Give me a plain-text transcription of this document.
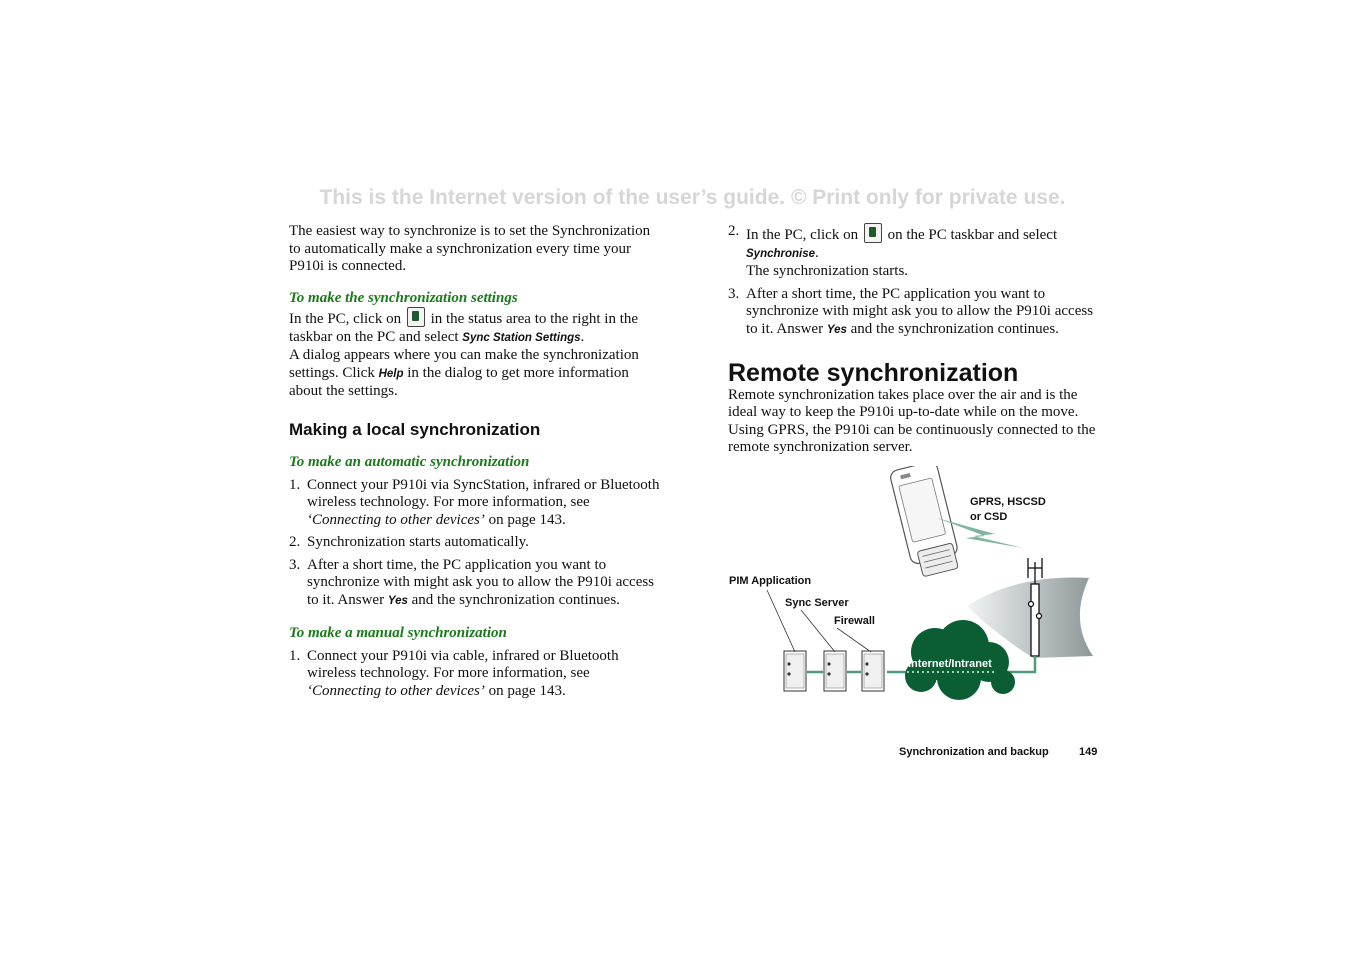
This is the Internet version of the user’s guide. © Print only for private use.

The easiest way to synchronize is to set the Synchronization to automatically make a synchronization every time your P910i is connected.

To make the synchronization settings

In the PC, click on in the status area to the right in the taskbar on the PC and select Sync Station Settings.

A dialog appears where you can make the synchronization settings. Click Help in the dialog to get more information about the settings.

Making a local synchronization

To make an automatic synchronization

1. Connect your P910i via SyncStation, infrared or Bluetooth wireless technology. For more information, see ‘Connecting to other devices’ on page 143.
2. Synchronization starts automatically.
3. After a short time, the PC application you want to synchronize with might ask you to allow the P910i access to it. Answer Yes and the synchronization continues.

To make a manual synchronization

1. Connect your P910i via cable, infrared or Bluetooth wireless technology. For more information, see ‘Connecting to other devices’ on page 143.
2. In the PC, click on on the PC taskbar and select
Synchronise.
The synchronization starts.
3. After a short time, the PC application you want to synchronize with might ask you to allow the P910i access to it. Answer Yes and the synchronization continues.

Remote synchronization

Remote synchronization takes place over the air and is the ideal way to keep the P910i up-to-date while on the move. Using GPRS, the P910i can be continuously connected to the remote synchronization server.

GPRS, HSCSD
or CSD
PIM Application
Sync Server
Firewall
Internet/Intranet
Synchronization and backup	149
